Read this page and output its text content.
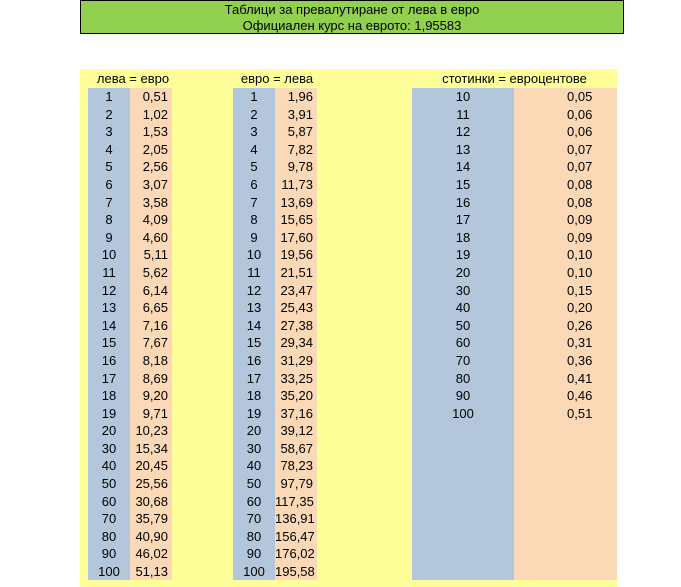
Таблици за превалутиране от лева в евро
Официален курс на еврото: 1,95583
лева = евро	евро = лева	стотинки = евроцентове
1
2
3
4
5
6
7
8
9
10
11
12
13
14
15
16
17
18
19
20
30
40
50
60
70
80
90
100
0,51
1,02
1,53
2,05
2,56
3,07
3,58
4,09
4,60
5,11
5,62
6,14
6,65
7,16
7,67
8,18
8,69
9,20
9,71
10,23
15,34
20,45
25,56
30,68
35,79
40,90
46,02
51,13
1
2
3
4
5
6
7
8
9
10
11
12
13
14
15
16
17
18
19
20
30
40
50
60
70
80
90
100
1,96
3,91
5,87
7,82
9,78
11,73
13,69
15,65
17,60
19,56
21,51
23,47
25,43
27,38
29,34
31,29
33,25
35,20
37,16
39,12
58,67
78,23
97,79
117,35
136,91
156,47
176,02
195,58
10
11
12
13
14
15
16
17
18
19
20
30
40
50
60
70
80
90
100
0,05
0,06
0,06
0,07
0,07
0,08
0,08
0,09
0,09
0,10
0,10
0,15
0,20
0,26
0,31
0,36
0,41
0,46
0,51
